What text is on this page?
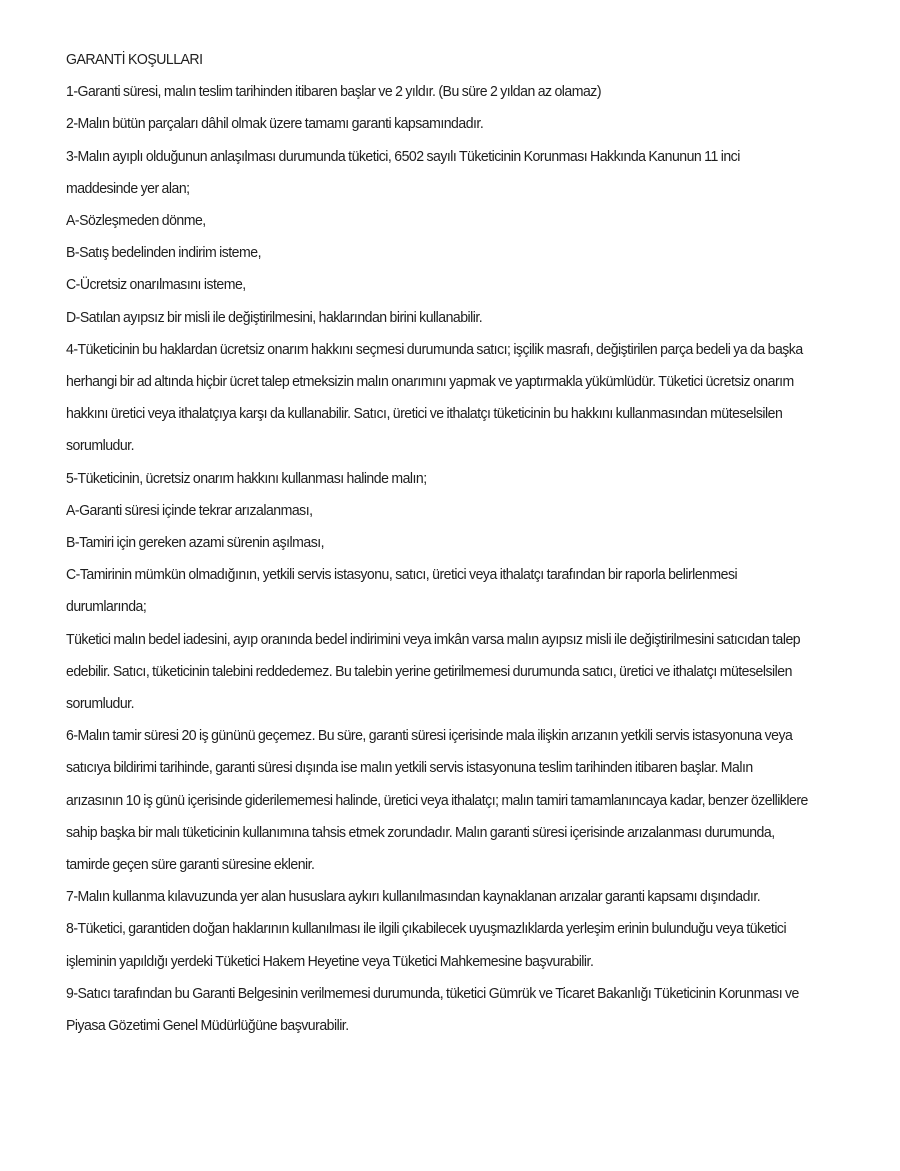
GARANTİ KOŞULLARI

1-Garanti süresi, malın teslim tarihinden itibaren başlar ve 2 yıldır. (Bu süre 2 yıldan az olamaz)

2-Malın bütün parçaları dâhil olmak üzere tamamı garanti kapsamındadır.

3-Malın ayıplı olduğunun anlaşılması durumunda tüketici, 6502 sayılı Tüketicinin Korunması Hakkında Kanunun 11 inci maddesinde yer alan;

A-Sözleşmeden dönme,

B-Satış bedelinden indirim isteme,

C-Ücretsiz onarılmasını isteme,

D-Satılan ayıpsız bir misli ile değiştirilmesini, haklarından birini kullanabilir.

4-Tüketicinin bu haklardan ücretsiz onarım hakkını seçmesi durumunda satıcı; işçilik masrafı, değiştirilen parça bedeli ya da başka herhangi bir ad altında hiçbir ücret talep etmeksizin malın onarımını yapmak ve yaptırmakla yükümlüdür. Tüketici ücretsiz onarım hakkını üretici veya ithalatçıya karşı da kullanabilir. Satıcı, üretici ve ithalatçı tüketicinin bu hakkını kullanmasından müteselsilen sorumludur.

5-Tüketicinin, ücretsiz onarım hakkını kullanması halinde malın;

A-Garanti süresi içinde tekrar arızalanması,

B-Tamiri için gereken azami sürenin aşılması,

C-Tamirinin mümkün olmadığının, yetkili servis istasyonu, satıcı, üretici veya ithalatçı tarafından bir raporla belirlenmesi durumlarında;

Tüketici malın bedel iadesini, ayıp oranında bedel indirimini veya imkân varsa malın ayıpsız misli ile değiştirilmesini satıcıdan talep edebilir. Satıcı, tüketicinin talebini reddedemez. Bu talebin yerine getirilmemesi durumunda satıcı, üretici ve ithalatçı müteselsilen sorumludur.

6-Malın tamir süresi 20 iş gününü geçemez. Bu süre, garanti süresi içerisinde mala ilişkin arızanın yetkili servis istasyonuna veya satıcıya bildirimi tarihinde, garanti süresi dışında ise malın yetkili servis istasyonuna teslim tarihinden itibaren başlar. Malın arızasının 10 iş günü içerisinde giderilememesi halinde, üretici veya ithalatçı; malın tamiri tamamlanıncaya kadar, benzer özelliklere sahip başka bir malı tüketicinin kullanımına tahsis etmek zorundadır. Malın garanti süresi içerisinde arızalanması durumunda, tamirde geçen süre garanti süresine eklenir.

7-Malın kullanma kılavuzunda yer alan hususlara aykırı kullanılmasından kaynaklanan arızalar garanti kapsamı dışındadır.

8-Tüketici, garantiden doğan haklarının kullanılması ile ilgili çıkabilecek uyuşmazlıklarda yerleşim erinin bulunduğu veya tüketici işleminin yapıldığı yerdeki Tüketici Hakem Heyetine veya Tüketici Mahkemesine başvurabilir.

9-Satıcı tarafından bu Garanti Belgesinin verilmemesi durumunda, tüketici Gümrük ve Ticaret Bakanlığı Tüketicinin Korunması ve Piyasa Gözetimi Genel Müdürlüğüne başvurabilir.
